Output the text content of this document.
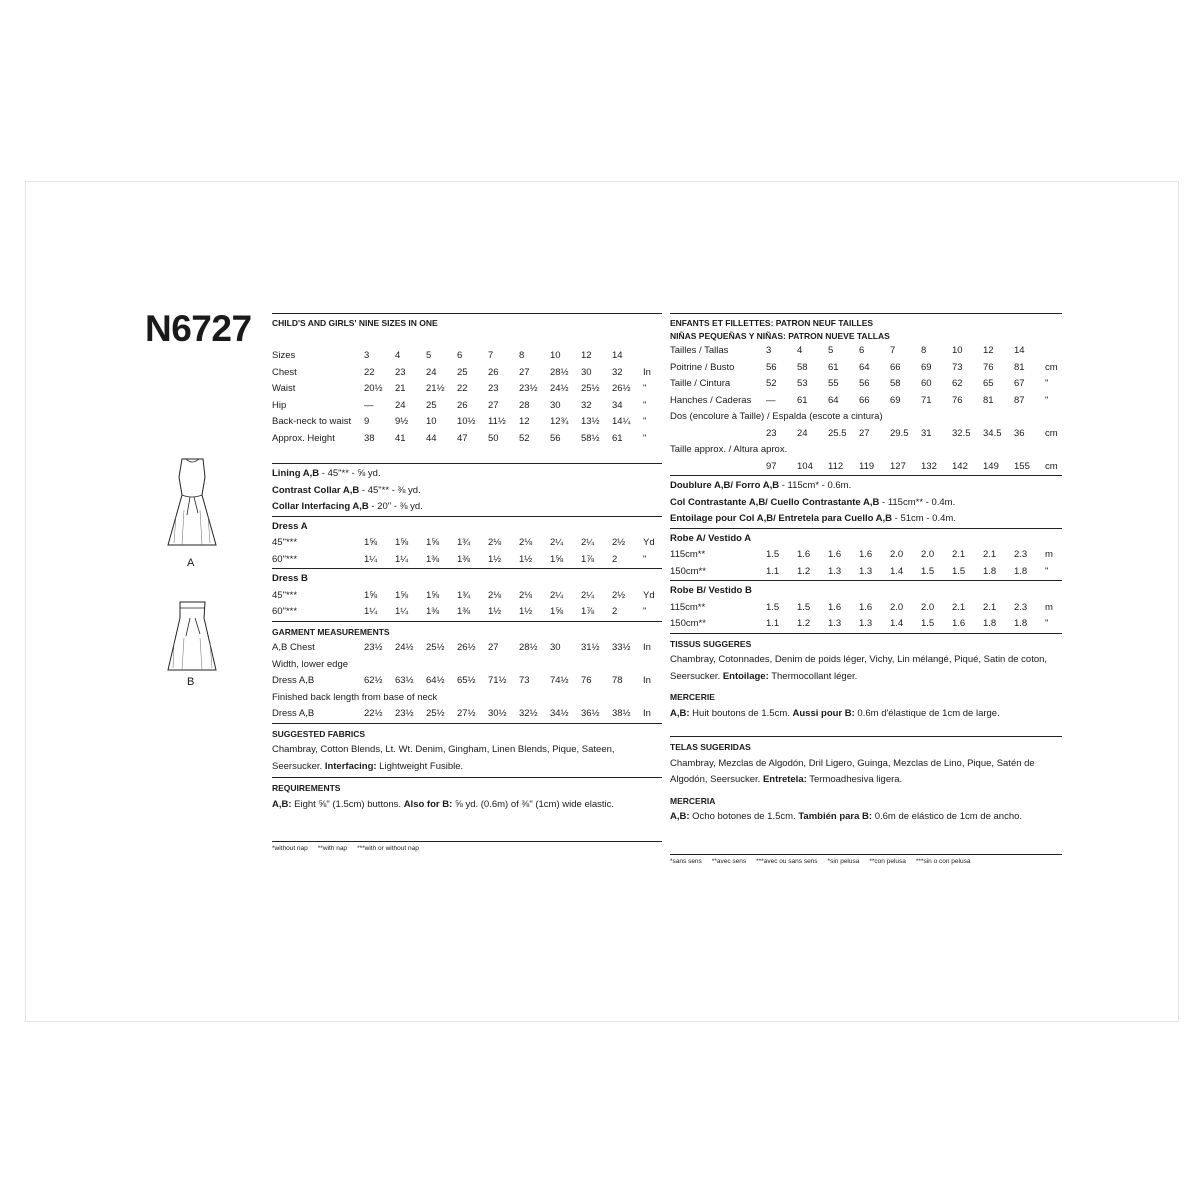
N6727
A
B
CHILD'S AND GIRLS' NINE SIZES IN ONE
Sizes	3	4	5	6	7	8	10	12	14	
Chest	22	23	24	25	26	27	28½	30	32	In
Waist	20½	21	21½	22	23	23½	24½	25½	26½	"
Hip	—	24	25	26	27	28	30	32	34	"
Back-neck to waist	9	9½	10	10½	11½	12	12¾	13½	14¼	"
Approx. Height	38	41	44	47	50	52	56	58½	61	"
Lining A,B - 45"** - ⅝ yd.
Contrast Collar A,B - 45"** - ⅜ yd.
Collar Interfacing A,B - 20" - ⅜ yd.
Dress A
45"***	1⅝	1⅝	1⅝	1¾	2⅛	2⅛	2¼	2¼	2½	Yd
60"***	1¼	1¼	1⅜	1⅜	1½	1½	1⅝	1⅞	2	"
Dress B
45"***	1⅝	1⅝	1⅝	1¾	2⅛	2⅛	2¼	2¼	2½	Yd
60"***	1¼	1¼	1⅜	1⅜	1½	1½	1⅝	1⅞	2	"
GARMENT MEASUREMENTS
A,B Chest	23½	24½	25½	26½	27	28½	30	31½	33½	In
Width, lower edge										
Dress A,B	62½	63½	64½	65½	71½	73	74½	76	78	In
Finished back length from base of neck										
Dress A,B	22½	23½	25½	27½	30½	32½	34½	36½	38½	In
SUGGESTED FABRICS
Chambray, Cotton Blends, Lt. Wt. Denim, Gingham, Linen Blends, Pique, Sateen, Seersucker. Interfacing: Lightweight Fusible.
REQUIREMENTS
A,B: Eight ⅝" (1.5cm) buttons. Also for B: ⅝ yd. (0.6m) of ⅜" (1cm) wide elastic.
*without nap **with nap ***with or without nap
ENFANTS ET FILLETTES: PATRON NEUF TAILLES
NIÑAS PEQUEÑAS Y NIÑAS: PATRON NUEVE TALLAS
Tailles / Tallas	3	4	5	6	7	8	10	12	14	
Poitrine / Busto	56	58	61	64	66	69	73	76	81	cm
Taille / Cintura	52	53	55	56	58	60	62	65	67	"
Hanches / Caderas	—	61	64	66	69	71	76	81	87	"
Dos (encolure à Taille) / Espalda (escote a cintura)
	23	24	25.5	27	29.5	31	32.5	34.5	36	cm
Taille approx. / Altura aprox.
	97	104	112	119	127	132	142	149	155	cm
Doublure A,B/ Forro A,B - 115cm* - 0.6m.
Col Contrastante A,B/ Cuello Contrastante A,B - 115cm** - 0.4m.
Entoilage pour Col A,B/ Entretela para Cuello A,B - 51cm - 0.4m.
Robe A/ Vestido A
115cm**	1.5	1.6	1.6	1.6	2.0	2.0	2.1	2.1	2.3	m
150cm**	1.1	1.2	1.3	1.3	1.4	1.5	1.5	1.8	1.8	"
Robe B/ Vestido B
115cm**	1.5	1.5	1.6	1.6	2.0	2.0	2.1	2.1	2.3	m
150cm**	1.1	1.2	1.3	1.3	1.4	1.5	1.6	1.8	1.8	"
TISSUS SUGGERES
Chambray, Cotonnades, Denim de poids léger, Vichy, Lin mélangé, Piqué, Satin de coton, Seersucker. Entoilage: Thermocollant léger.
MERCERIE
A,B: Huit boutons de 1.5cm. Aussi pour B: 0.6m d'élastique de 1cm de large.
TELAS SUGERIDAS
Chambray, Mezclas de Algodón, Dril Ligero, Guinga, Mezclas de Lino, Pique, Satén de Algodón, Seersucker. Entretela: Termoadhesiva ligera.
MERCERIA
A,B: Ocho botones de 1.5cm. También para B: 0.6m de elástico de 1cm de ancho.
*sans sens **avec sens ***avec ou sans sens *sin pelusa **con pelusa ***sin o con pelusa
